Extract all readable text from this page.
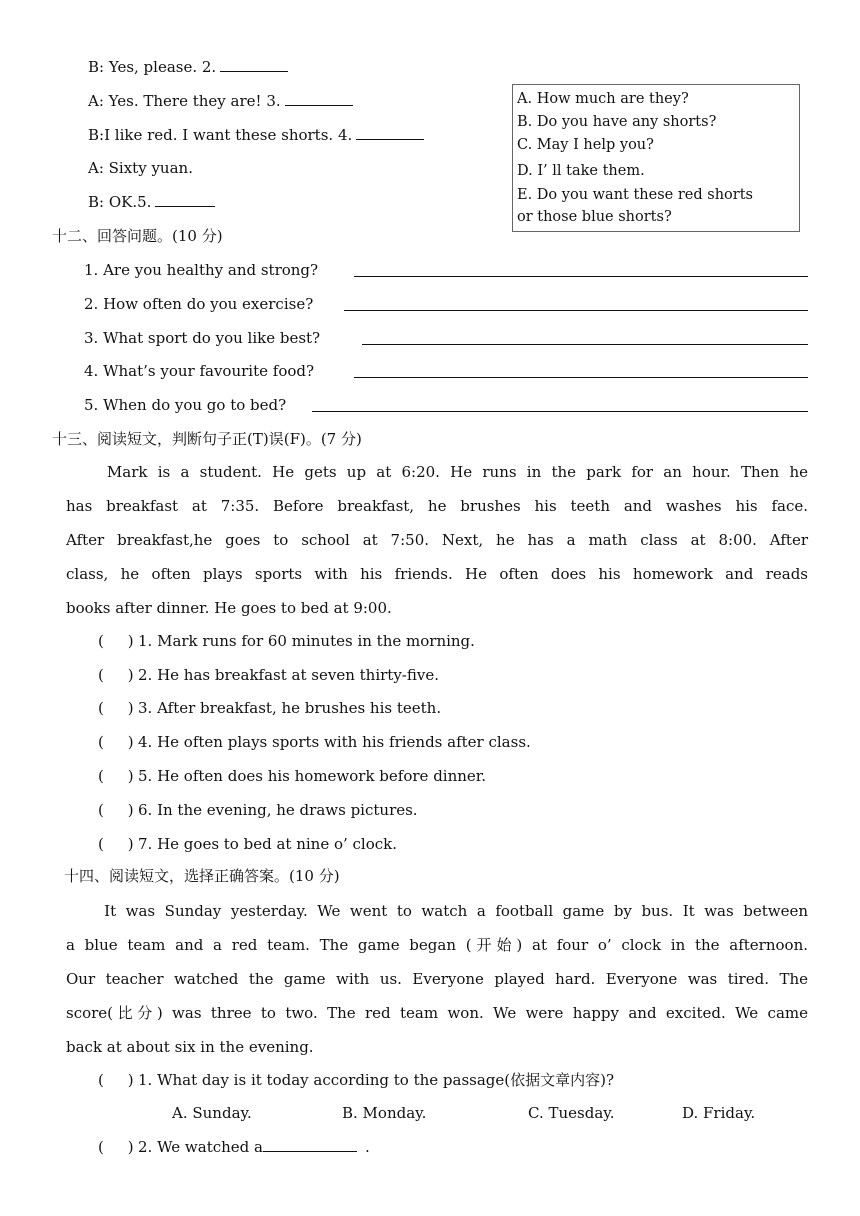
B: Yes, please. 2.
A: Yes. There they are! 3.
B:I like red. I want these shorts. 4.
A: Sixty yuan.
B: OK.5.
A. How much are they?
B. Do you have any shorts?
C. May I help you?
D. I’ ll take them.
E. Do you want these red shorts
or those blue shorts?
十二、回答问题。(10 分)
1. Are you healthy and strong?
2. How often do you exercise?
3. What sport do you like best?
4. What’s your favourite food?
5. When do you go to bed?
十三、阅读短文，判断句子正(T)误(F)。(7 分)
Mark is a student. He gets up at 6:20. He runs in the park for an hour. Then he
has breakfast at 7:35. Before breakfast, he brushes his teeth and washes his face.
After breakfast,he goes to school at 7:50. Next, he has a math class at 8:00. After
class, he often plays sports with his friends. He often does his homework and reads
books after dinner. He goes to bed at 9:00.
(     ) 1. Mark runs for 60 minutes in the morning.
(     ) 2. He has breakfast at seven thirty-five.
(     ) 3. After breakfast, he brushes his teeth.
(     ) 4. He often plays sports with his friends after class.
(     ) 5. He often does his homework before dinner.
(     ) 6. In the evening, he draws pictures.
(     ) 7. He goes to bed at nine o’ clock.
十四、阅读短文，选择正确答案。(10 分)
It was Sunday yesterday. We went to watch a football game by bus. It was between
a blue team and a red team. The game began (开始) at four o’ clock in the afternoon.
Our teacher watched the game with us. Everyone played hard. Everyone was tired. The
score(比分) was three to two. The red team won. We were happy and excited. We came
back at about six in the evening.
(     ) 1. What day is it today according to the passage(依据文章内容)?
A. Sunday.	B. Monday.	C. Tuesday.	D. Friday.
(     ) 2. We watched a	.
